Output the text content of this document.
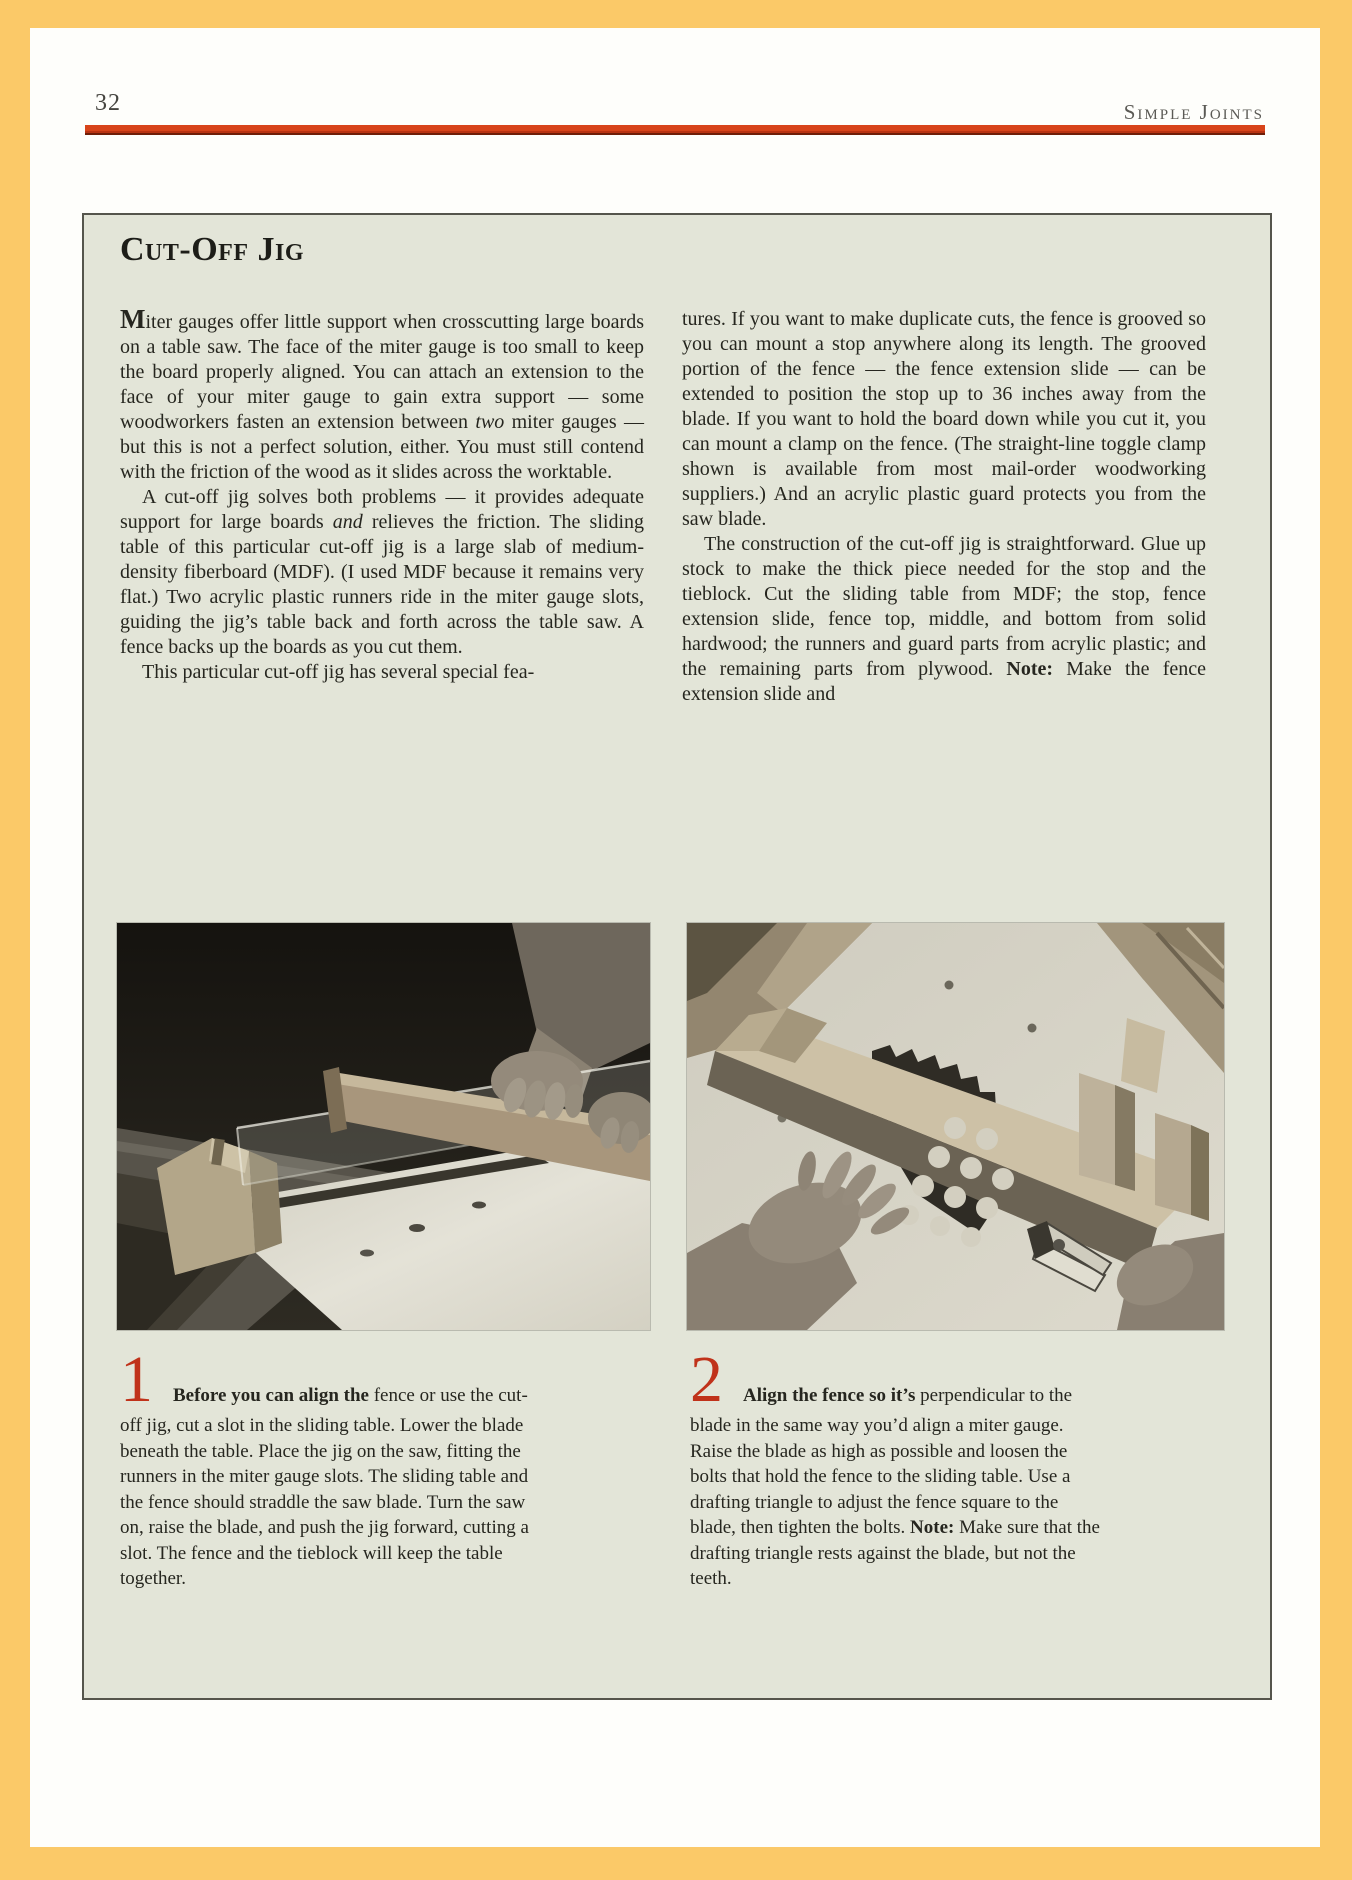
32	Simple Joints
Cut-Off Jig

Miter gauges offer little support when crosscutting large boards on a table saw. The face of the miter gauge is too small to keep the board properly aligned. You can attach an extension to the face of your miter gauge to gain extra support — some woodworkers fasten an extension between two miter gauges — but this is not a perfect solution, either. You must still contend with the friction of the wood as it slides across the worktable.

A cut-off jig solves both problems — it provides adequate support for large boards and relieves the friction. The sliding table of this particular cut-off jig is a large slab of medium-density fiberboard (MDF). (I used MDF because it remains very flat.) Two acrylic plastic runners ride in the miter gauge slots, guiding the jig’s table back and forth across the table saw. A fence backs up the boards as you cut them.

This particular cut-off jig has several special fea-

tures. If you want to make duplicate cuts, the fence is grooved so you can mount a stop anywhere along its length. The grooved portion of the fence — the fence extension slide — can be extended to position the stop up to 36 inches away from the blade. If you want to hold the board down while you cut it, you can mount a clamp on the fence. (The straight-line toggle clamp shown is available from most mail-order woodworking suppliers.) And an acrylic plastic guard protects you from the saw blade.

The construction of the cut-off jig is straightforward. Glue up stock to make the thick piece needed for the stop and the tieblock. Cut the sliding table from MDF; the stop, fence extension slide, fence top, middle, and bottom from solid hardwood; the runners and guard parts from acrylic plastic; and the remaining parts from plywood. Note: Make the fence extension slide and

1 Before you can align the fence or use the cut-off jig, cut a slot in the sliding table. Lower the blade beneath the table. Place the jig on the saw, fitting the runners in the miter gauge slots. The sliding table and the fence should straddle the saw blade. Turn the saw on, raise the blade, and push the jig forward, cutting a slot. The fence and the tieblock will keep the table together.

2 Align the fence so it’s perpendicular to the blade in the same way you’d align a miter gauge. Raise the blade as high as possible and loosen the bolts that hold the fence to the sliding table. Use a drafting triangle to adjust the fence square to the blade, then tighten the bolts. Note: Make sure that the drafting triangle rests against the blade, but not the teeth.
